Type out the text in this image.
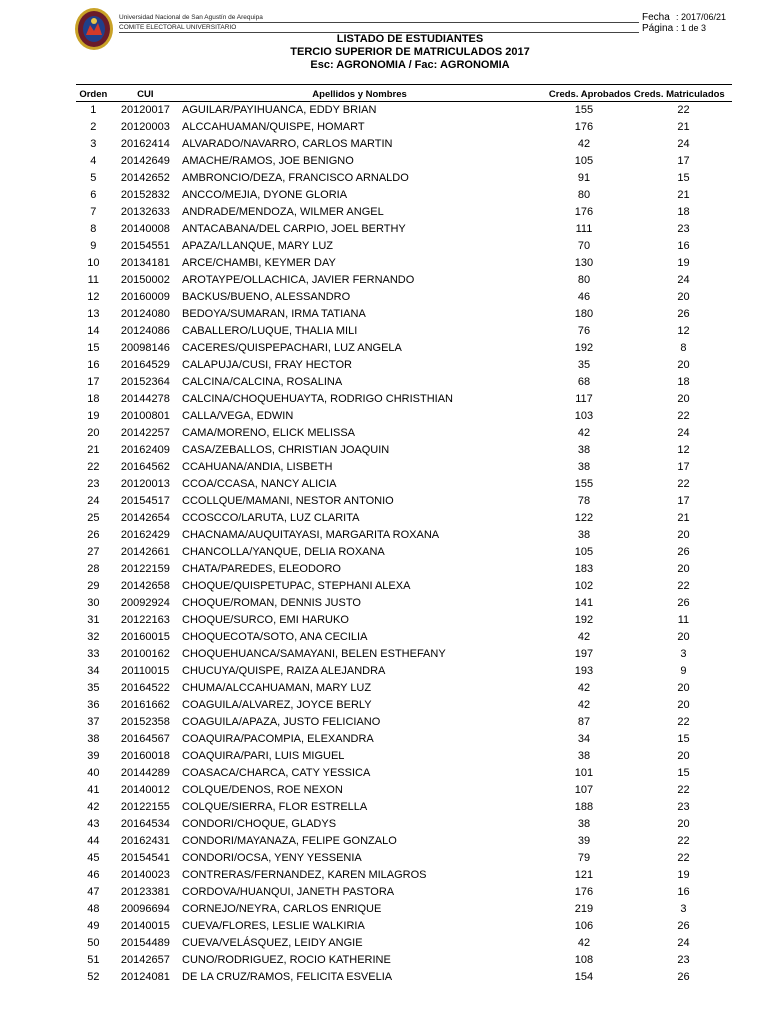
Universidad Nacional de San Agustín de Arequipa
COMITE ELECTORAL UNIVERSITARIO
Fecha : 2017/06/21
Página : 1 de 3
LISTADO DE ESTUDIANTES
TERCIO SUPERIOR DE MATRICULADOS 2017
Esc: AGRONOMIA / Fac: AGRONOMIA
Orden	CUI	Apellidos y Nombres	Creds. Aprobados	Creds. Matriculados
1	20120017	AGUILAR/PAYIHUANCA, EDDY BRIAN	155	22
2	20120003	ALCCAHUAMAN/QUISPE, HOMART	176	21
3	20162414	ALVARADO/NAVARRO, CARLOS MARTIN	42	24
4	20142649	AMACHE/RAMOS, JOE BENIGNO	105	17
5	20142652	AMBRONCIO/DEZA, FRANCISCO ARNALDO	91	15
6	20152832	ANCCO/MEJIA, DYONE GLORIA	80	21
7	20132633	ANDRADE/MENDOZA, WILMER ANGEL	176	18
8	20140008	ANTACABANA/DEL CARPIO, JOEL BERTHY	111	23
9	20154551	APAZA/LLANQUE, MARY LUZ	70	16
10	20134181	ARCE/CHAMBI, KEYMER DAY	130	19
11	20150002	AROTAYPE/OLLACHICA, JAVIER FERNANDO	80	24
12	20160009	BACKUS/BUENO, ALESSANDRO	46	20
13	20124080	BEDOYA/SUMARAN, IRMA TATIANA	180	26
14	20124086	CABALLERO/LUQUE, THALIA MILI	76	12
15	20098146	CACERES/QUISPEPACHARI, LUZ ANGELA	192	8
16	20164529	CALAPUJA/CUSI, FRAY HECTOR	35	20
17	20152364	CALCINA/CALCINA, ROSALINA	68	18
18	20144278	CALCINA/CHOQUEHUAYTA, RODRIGO CHRISTHIAN	117	20
19	20100801	CALLA/VEGA, EDWIN	103	22
20	20142257	CAMA/MORENO, ELICK MELISSA	42	24
21	20162409	CASA/ZEBALLOS, CHRISTIAN JOAQUIN	38	12
22	20164562	CCAHUANA/ANDIA, LISBETH	38	17
23	20120013	CCOA/CCASA, NANCY ALICIA	155	22
24	20154517	CCOLLQUE/MAMANI, NESTOR ANTONIO	78	17
25	20142654	CCOSCCO/LARUTA, LUZ CLARITA	122	21
26	20162429	CHACNAMA/AUQUITAYASI, MARGARITA ROXANA	38	20
27	20142661	CHANCOLLA/YANQUE, DELIA ROXANA	105	26
28	20122159	CHATA/PAREDES, ELEODORO	183	20
29	20142658	CHOQUE/QUISPETUPAC, STEPHANI ALEXA	102	22
30	20092924	CHOQUE/ROMAN, DENNIS JUSTO	141	26
31	20122163	CHOQUE/SURCO, EMI HARUKO	192	11
32	20160015	CHOQUECOTA/SOTO, ANA CECILIA	42	20
33	20100162	CHOQUEHUANCA/SAMAYANI, BELEN ESTHEFANY	197	3
34	20110015	CHUCUYA/QUISPE, RAIZA ALEJANDRA	193	9
35	20164522	CHUMA/ALCCAHUAMAN, MARY LUZ	42	20
36	20161662	COAGUILA/ALVAREZ, JOYCE BERLY	42	20
37	20152358	COAGUILA/APAZA, JUSTO FELICIANO	87	22
38	20164567	COAQUIRA/PACOMPIA, ELEXANDRA	34	15
39	20160018	COAQUIRA/PARI, LUIS MIGUEL	38	20
40	20144289	COASACA/CHARCA, CATY YESSICA	101	15
41	20140012	COLQUE/DENOS, ROE NEXON	107	22
42	20122155	COLQUE/SIERRA, FLOR ESTRELLA	188	23
43	20164534	CONDORI/CHOQUE, GLADYS	38	20
44	20162431	CONDORI/MAYANAZA, FELIPE GONZALO	39	22
45	20154541	CONDORI/OCSA, YENY YESSENIA	79	22
46	20140023	CONTRERAS/FERNANDEZ, KAREN MILAGROS	121	19
47	20123381	CORDOVA/HUANQUI, JANETH PASTORA	176	16
48	20096694	CORNEJO/NEYRA, CARLOS ENRIQUE	219	3
49	20140015	CUEVA/FLORES, LESLIE WALKIRIA	106	26
50	20154489	CUEVA/VELÁSQUEZ, LEIDY ANGIE	42	24
51	20142657	CUNO/RODRIGUEZ, ROCIO KATHERINE	108	23
52	20124081	DE LA CRUZ/RAMOS, FELICITA ESVELIA	154	26
